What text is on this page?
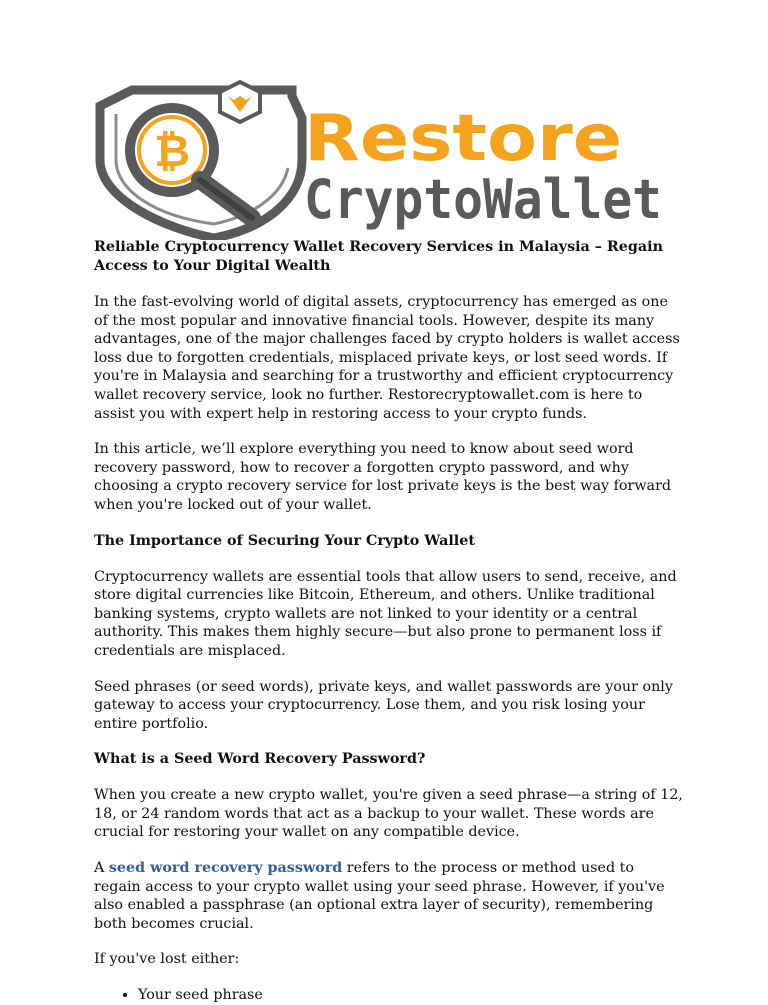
₿ Restore
CryptoWallet
Reliable Cryptocurrency Wallet Recovery Services in Malaysia – Regain Access to Your Digital Wealth

In the fast-evolving world of digital assets, cryptocurrency has emerged as one of the most popular and innovative financial tools. However, despite its many advantages, one of the major challenges faced by crypto holders is wallet access loss due to forgotten credentials, misplaced private keys, or lost seed words. If you're in Malaysia and searching for a trustworthy and efficient cryptocurrency wallet recovery service, look no further. Restorecryptowallet.com is here to assist you with expert help in restoring access to your crypto funds.

In this article, we’ll explore everything you need to know about seed word recovery password, how to recover a forgotten crypto password, and why choosing a crypto recovery service for lost private keys is the best way forward when you're locked out of your wallet.

The Importance of Securing Your Crypto Wallet

Cryptocurrency wallets are essential tools that allow users to send, receive, and store digital currencies like Bitcoin, Ethereum, and others. Unlike traditional banking systems, crypto wallets are not linked to your identity or a central authority. This makes them highly secure—but also prone to permanent loss if credentials are misplaced.

Seed phrases (or seed words), private keys, and wallet passwords are your only gateway to access your cryptocurrency. Lose them, and you risk losing your entire portfolio.

What is a Seed Word Recovery Password?

When you create a new crypto wallet, you're given a seed phrase—a string of 12, 18, or 24 random words that act as a backup to your wallet. These words are crucial for restoring your wallet on any compatible device.

A seed word recovery password refers to the process or method used to regain access to your crypto wallet using your seed phrase. However, if you've also enabled a passphrase (an optional extra layer of security), remembering both becomes crucial.

If you've lost either:

• Your seed phrase
